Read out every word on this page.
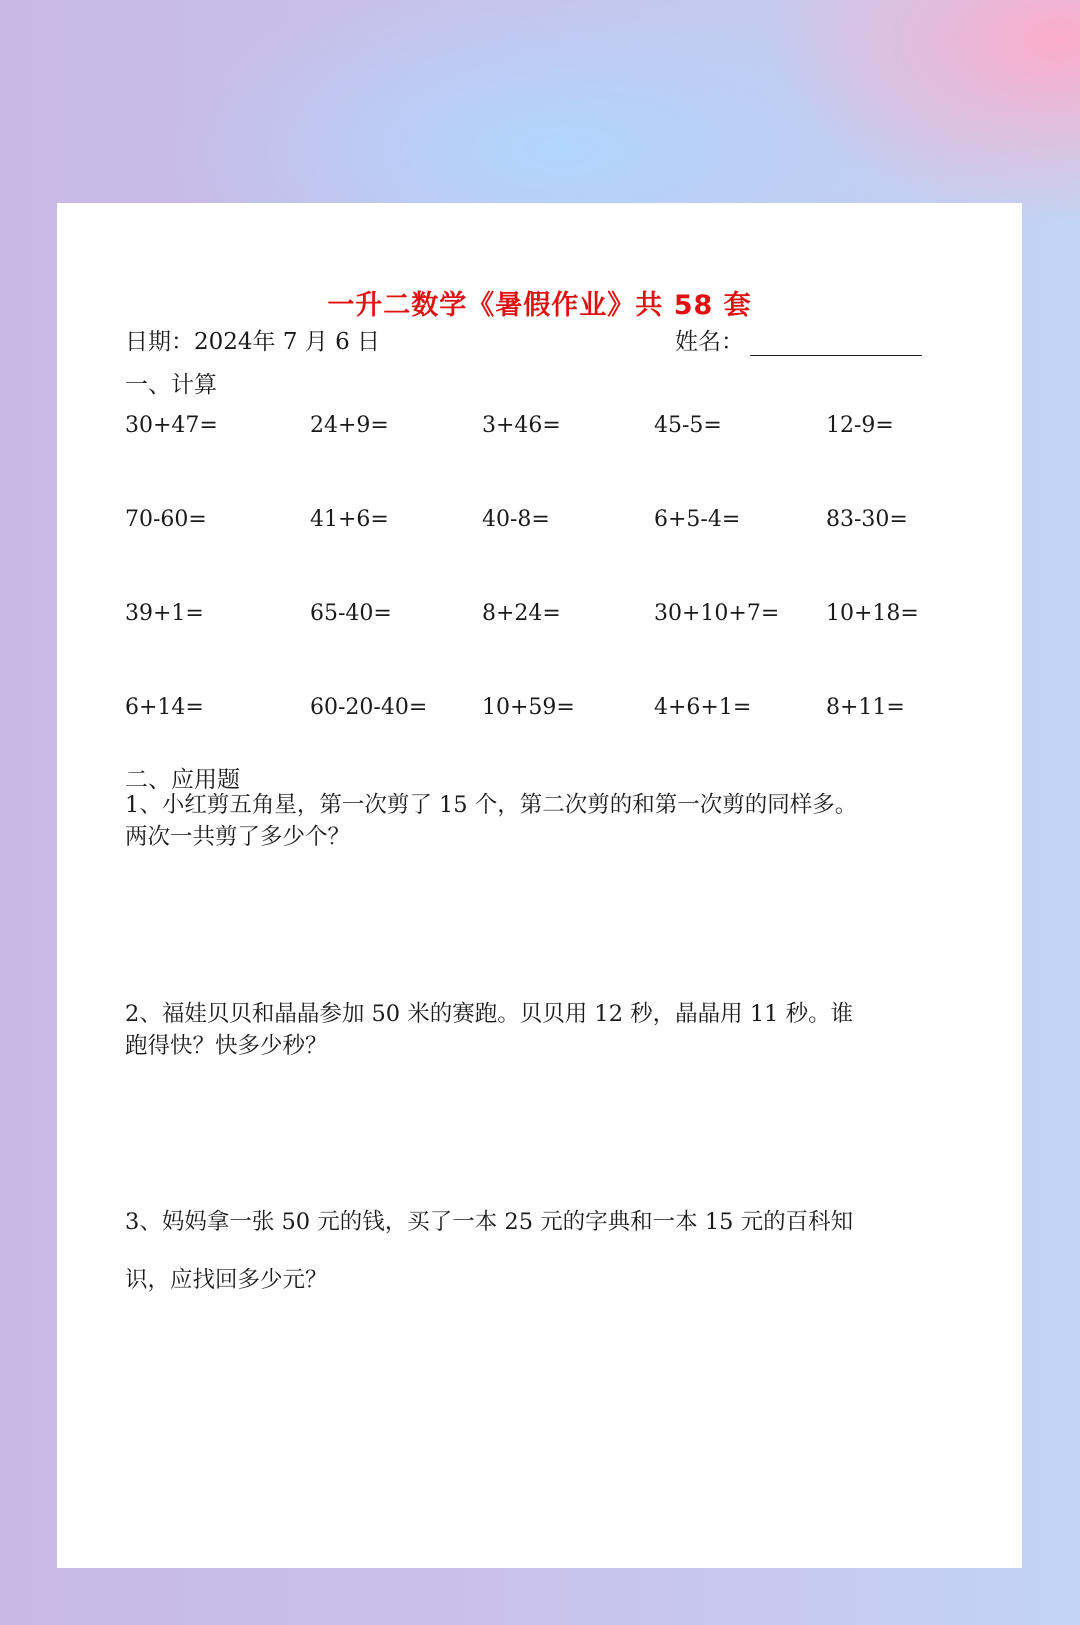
一升二数学《暑假作业》共 58 套
日期：2024年 7 月 6 日	姓名：
一、计算
30+47=	24+9=	3+46=	45-5=	12-9=
70-60=	41+6=	40-8=	6+5-4=	83-30=
39+1=	65-40=	8+24=	30+10+7= 10+18=
6+14=	60-20-40= 10+59=	4+6+1=	8+11=
二、应用题
1、小红剪五角星，第一次剪了 15 个，第二次剪的和第一次剪的同样多。
两次一共剪了多少个？
2、福娃贝贝和晶晶参加 50 米的赛跑。贝贝用 12 秒，晶晶用 11 秒。谁
跑得快？快多少秒？
3、妈妈拿一张 50 元的钱，买了一本 25 元的字典和一本 15 元的百科知
识，应找回多少元？
